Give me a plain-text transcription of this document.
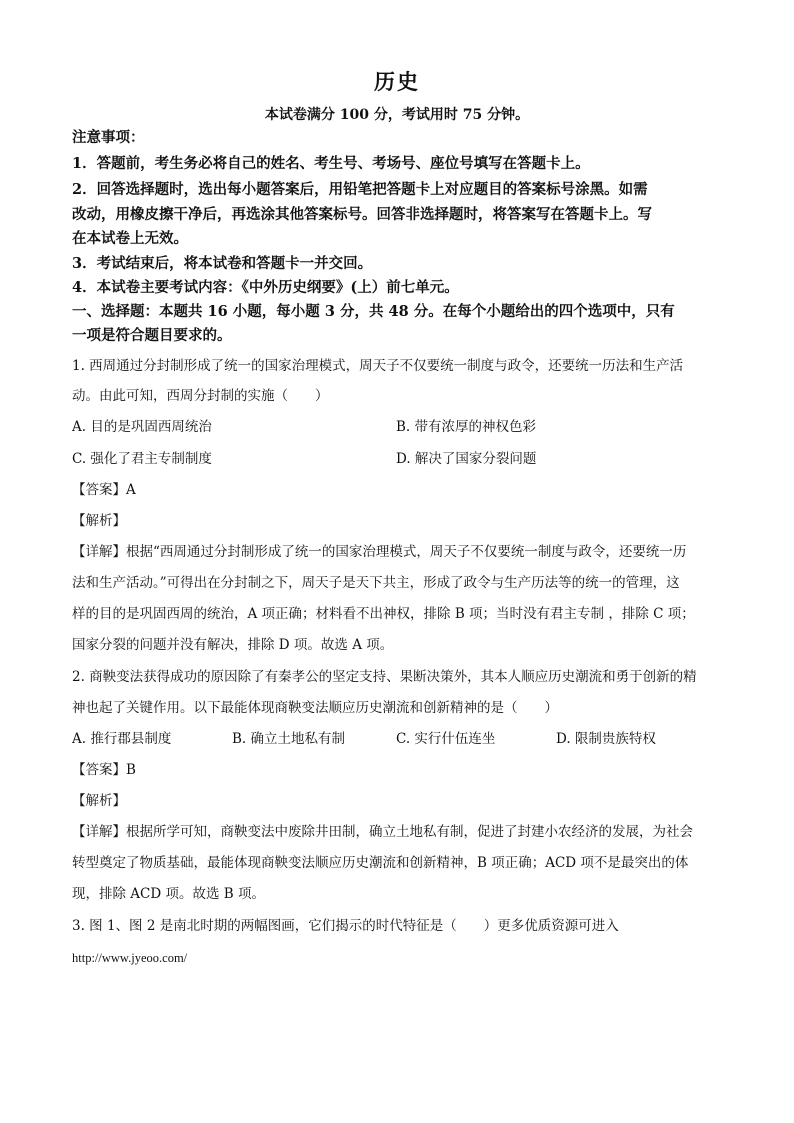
历史
本试卷满分 100 分，考试用时 75 分钟。
注意事项：
1．答题前，考生务必将自己的姓名、考生号、考场号、座位号填写在答题卡上。
2．回答选择题时，选出每小题答案后，用铅笔把答题卡上对应题目的答案标号涂黑。如需
改动，用橡皮擦干净后，再选涂其他答案标号。回答非选择题时，将答案写在答题卡上。写
在本试卷上无效。
3．考试结束后，将本试卷和答题卡一并交回。
4．本试卷主要考试内容：《中外历史纲要》(上）前七单元。
一、选择题：本题共 16 小题，每小题 3 分，共 48 分。在每个小题给出的四个选项中，只有
一项是符合题目要求的。
1. 西周通过分封制形成了统一的国家治理模式，周天子不仅要统一制度与政令，还要统一历法和生产活
动。由此可知，西周分封制的实施（　　）
A. 目的是巩固西周统治	B. 带有浓厚的神权色彩
C. 强化了君主专制制度	D. 解决了国家分裂问题
【答案】A
【解析】
【详解】根据“西周通过分封制形成了统一的国家治理模式，周天子不仅要统一制度与政令，还要统一历
法和生产活动。”可得出在分封制之下，周天子是天下共主，形成了政令与生产历法等的统一的管理，这
样的目的是巩固西周的统治，A 项正确；材料看不出神权，排除 B 项；当时没有君主专制 ，排除 C 项；
国家分裂的问题并没有解决，排除 D 项。故选 A 项。
2. 商鞅变法获得成功的原因除了有秦孝公的坚定支持、果断决策外，其本人顺应历史潮流和勇于创新的精
神也起了关键作用。以下最能体现商鞅变法顺应历史潮流和创新精神的是（　　）
A. 推行郡县制度	B. 确立土地私有制	C. 实行什伍连坐	D. 限制贵族特权
【答案】B
【解析】
【详解】根据所学可知，商鞅变法中废除井田制，确立土地私有制，促进了封建小农经济的发展，为社会
转型奠定了物质基础，最能体现商鞅变法顺应历史潮流和创新精神，B 项正确；ACD 项不是最突出的体
现，排除 ACD 项。故选 B 项。
3. 图 1、图 2 是南北时期的两幅图画，它们揭示的时代特征是（　　）更多优质资源可进入
http://www.jyeoo.com/
